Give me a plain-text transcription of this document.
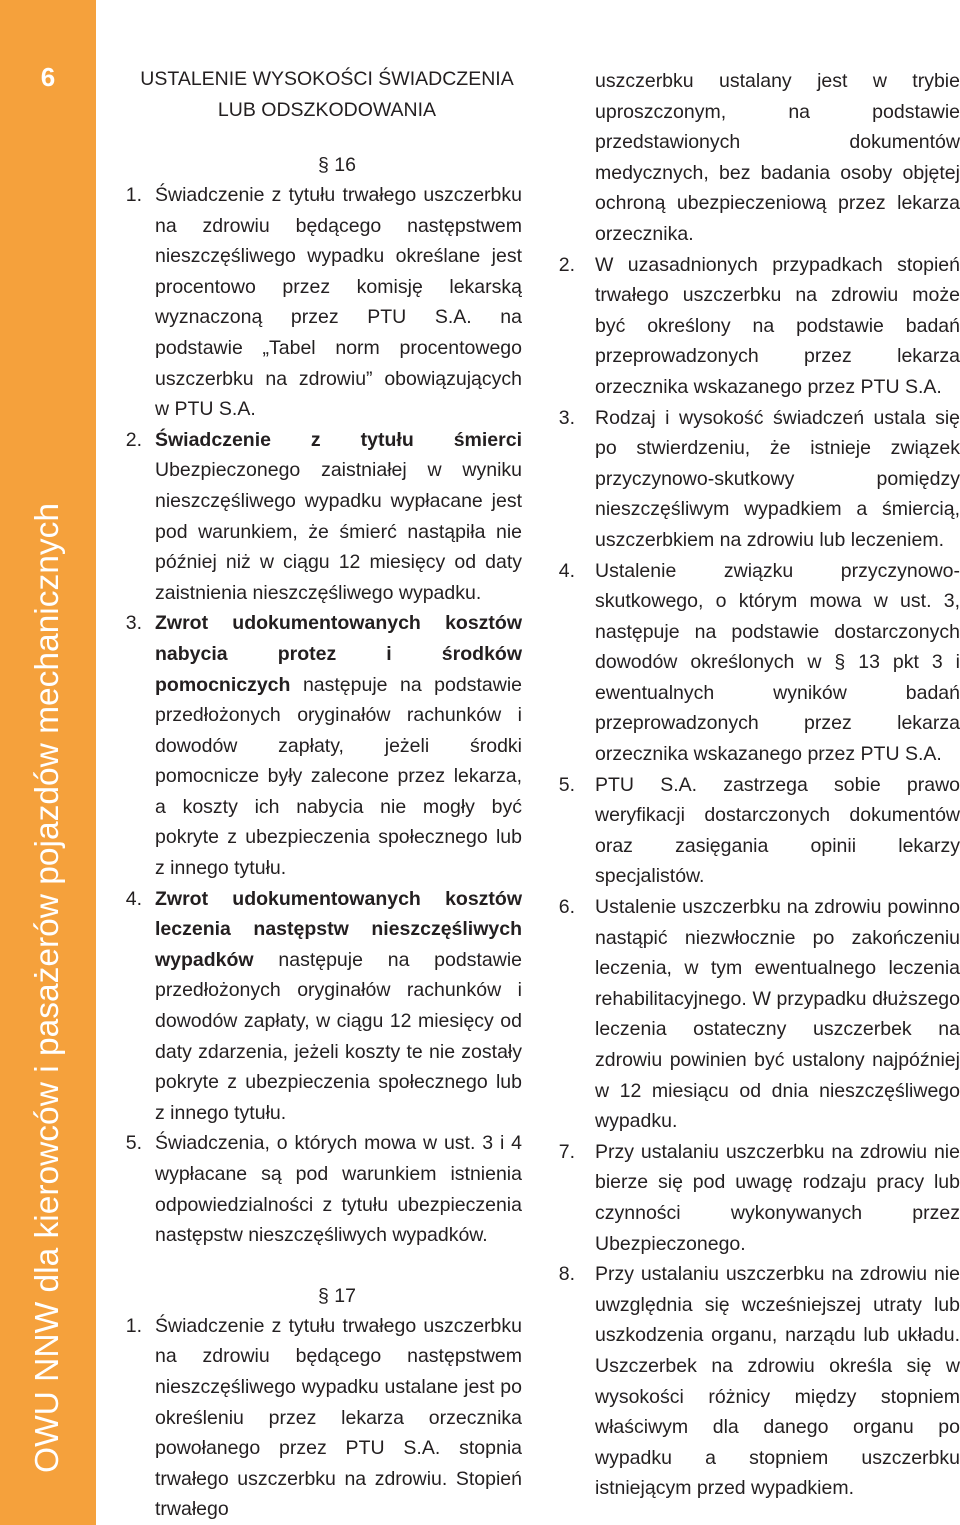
6
OWU NNW dla kierowców i pasażerów pojazdów mechanicznych

USTALENIE WYSOKOŚCI ŚWIADCZENIA
LUB ODSZKODOWANIA

§ 16

1. Świadczenie z tytułu trwałego uszczerbku na zdrowiu będącego następstwem nieszczęśliwego wypadku określane jest procentowo przez komisję lekarską wyznaczoną przez PTU S.A. na podstawie „Tabel norm procentowego uszczerbku na zdrowiu” obowiązujących w PTU S.A.
2. Świadczenie z tytułu śmierci Ubezpieczonego zaistniałej w wyniku nieszczęśliwego wypadku wypłacane jest pod warunkiem, że śmierć nastąpiła nie później niż w ciągu 12 miesięcy od daty zaistnienia nieszczęśliwego wypadku.
3. Zwrot udokumentowanych kosztów nabycia protez i środków pomocniczych następuje na podstawie przedłożonych oryginałów rachunków i dowodów zapłaty, jeżeli środki pomocnicze były zalecone przez lekarza, a koszty ich nabycia nie mogły być pokryte z ubezpieczenia społecznego lub z innego tytułu.
4. Zwrot udokumentowanych kosztów leczenia następstw nieszczęśliwych wypadków następuje na podstawie przedłożonych oryginałów rachunków i dowodów zapłaty, w ciągu 12 miesięcy od daty zdarzenia, jeżeli koszty te nie zostały pokryte z ubezpieczenia społecznego lub z innego tytułu.
5. Świadczenia, o których mowa w ust. 3 i 4 wypłacane są pod warunkiem istnienia odpowiedzialności z tytułu ubezpieczenia następstw nieszczęśliwych wypadków.

§ 17

1. Świadczenie z tytułu trwałego uszczerbku na zdrowiu będącego następstwem nieszczęśliwego wypadku ustalane jest po określeniu przez lekarza orzecznika powołanego przez PTU S.A. stopnia trwałego uszczerbku na zdrowiu. Stopień trwałego
uszczerbku ustalany jest w trybie uproszczonym, na podstawie przedstawionych dokumentów medycznych, bez badania osoby objętej ochroną ubezpieczeniową przez lekarza orzecznika.
2. W uzasadnionych przypadkach stopień trwałego uszczerbku na zdrowiu może być określony na podstawie badań przeprowadzonych przez lekarza orzecznika wskazanego przez PTU S.A.
3. Rodzaj i wysokość świadczeń ustala się po stwierdzeniu, że istnieje związek przyczynowo-skutkowy pomiędzy nieszczęśliwym wypadkiem a śmiercią, uszczerbkiem na zdrowiu lub leczeniem.
4. Ustalenie związku przyczynowo-skutkowego, o którym mowa w ust. 3, następuje na podstawie dostarczonych dowodów określonych w § 13 pkt 3 i ewentualnych wyników badań przeprowadzonych przez lekarza orzecznika wskazanego przez PTU S.A.
5. PTU S.A. zastrzega sobie prawo weryfikacji dostarczonych dokumentów oraz zasięgania opinii lekarzy specjalistów.
6. Ustalenie uszczerbku na zdrowiu powinno nastąpić niezwłocznie po zakończeniu leczenia, w tym ewentualnego leczenia rehabilitacyjnego. W przypadku dłuższego leczenia ostateczny uszczerbek na zdrowiu powinien być ustalony najpóźniej w 12 miesiącu od dnia nieszczęśliwego wypadku.
7. Przy ustalaniu uszczerbku na zdrowiu nie bierze się pod uwagę rodzaju pracy lub czynności wykonywanych przez Ubezpieczonego.
8. Przy ustalaniu uszczerbku na zdrowiu nie uwzględnia się wcześniejszej utraty lub uszkodzenia organu, narządu lub układu. Uszczerbek na zdrowiu określa się w wysokości różnicy między stopniem właściwym dla danego organu po wypadku a stopniem uszczerbku istniejącym przed wypadkiem.
